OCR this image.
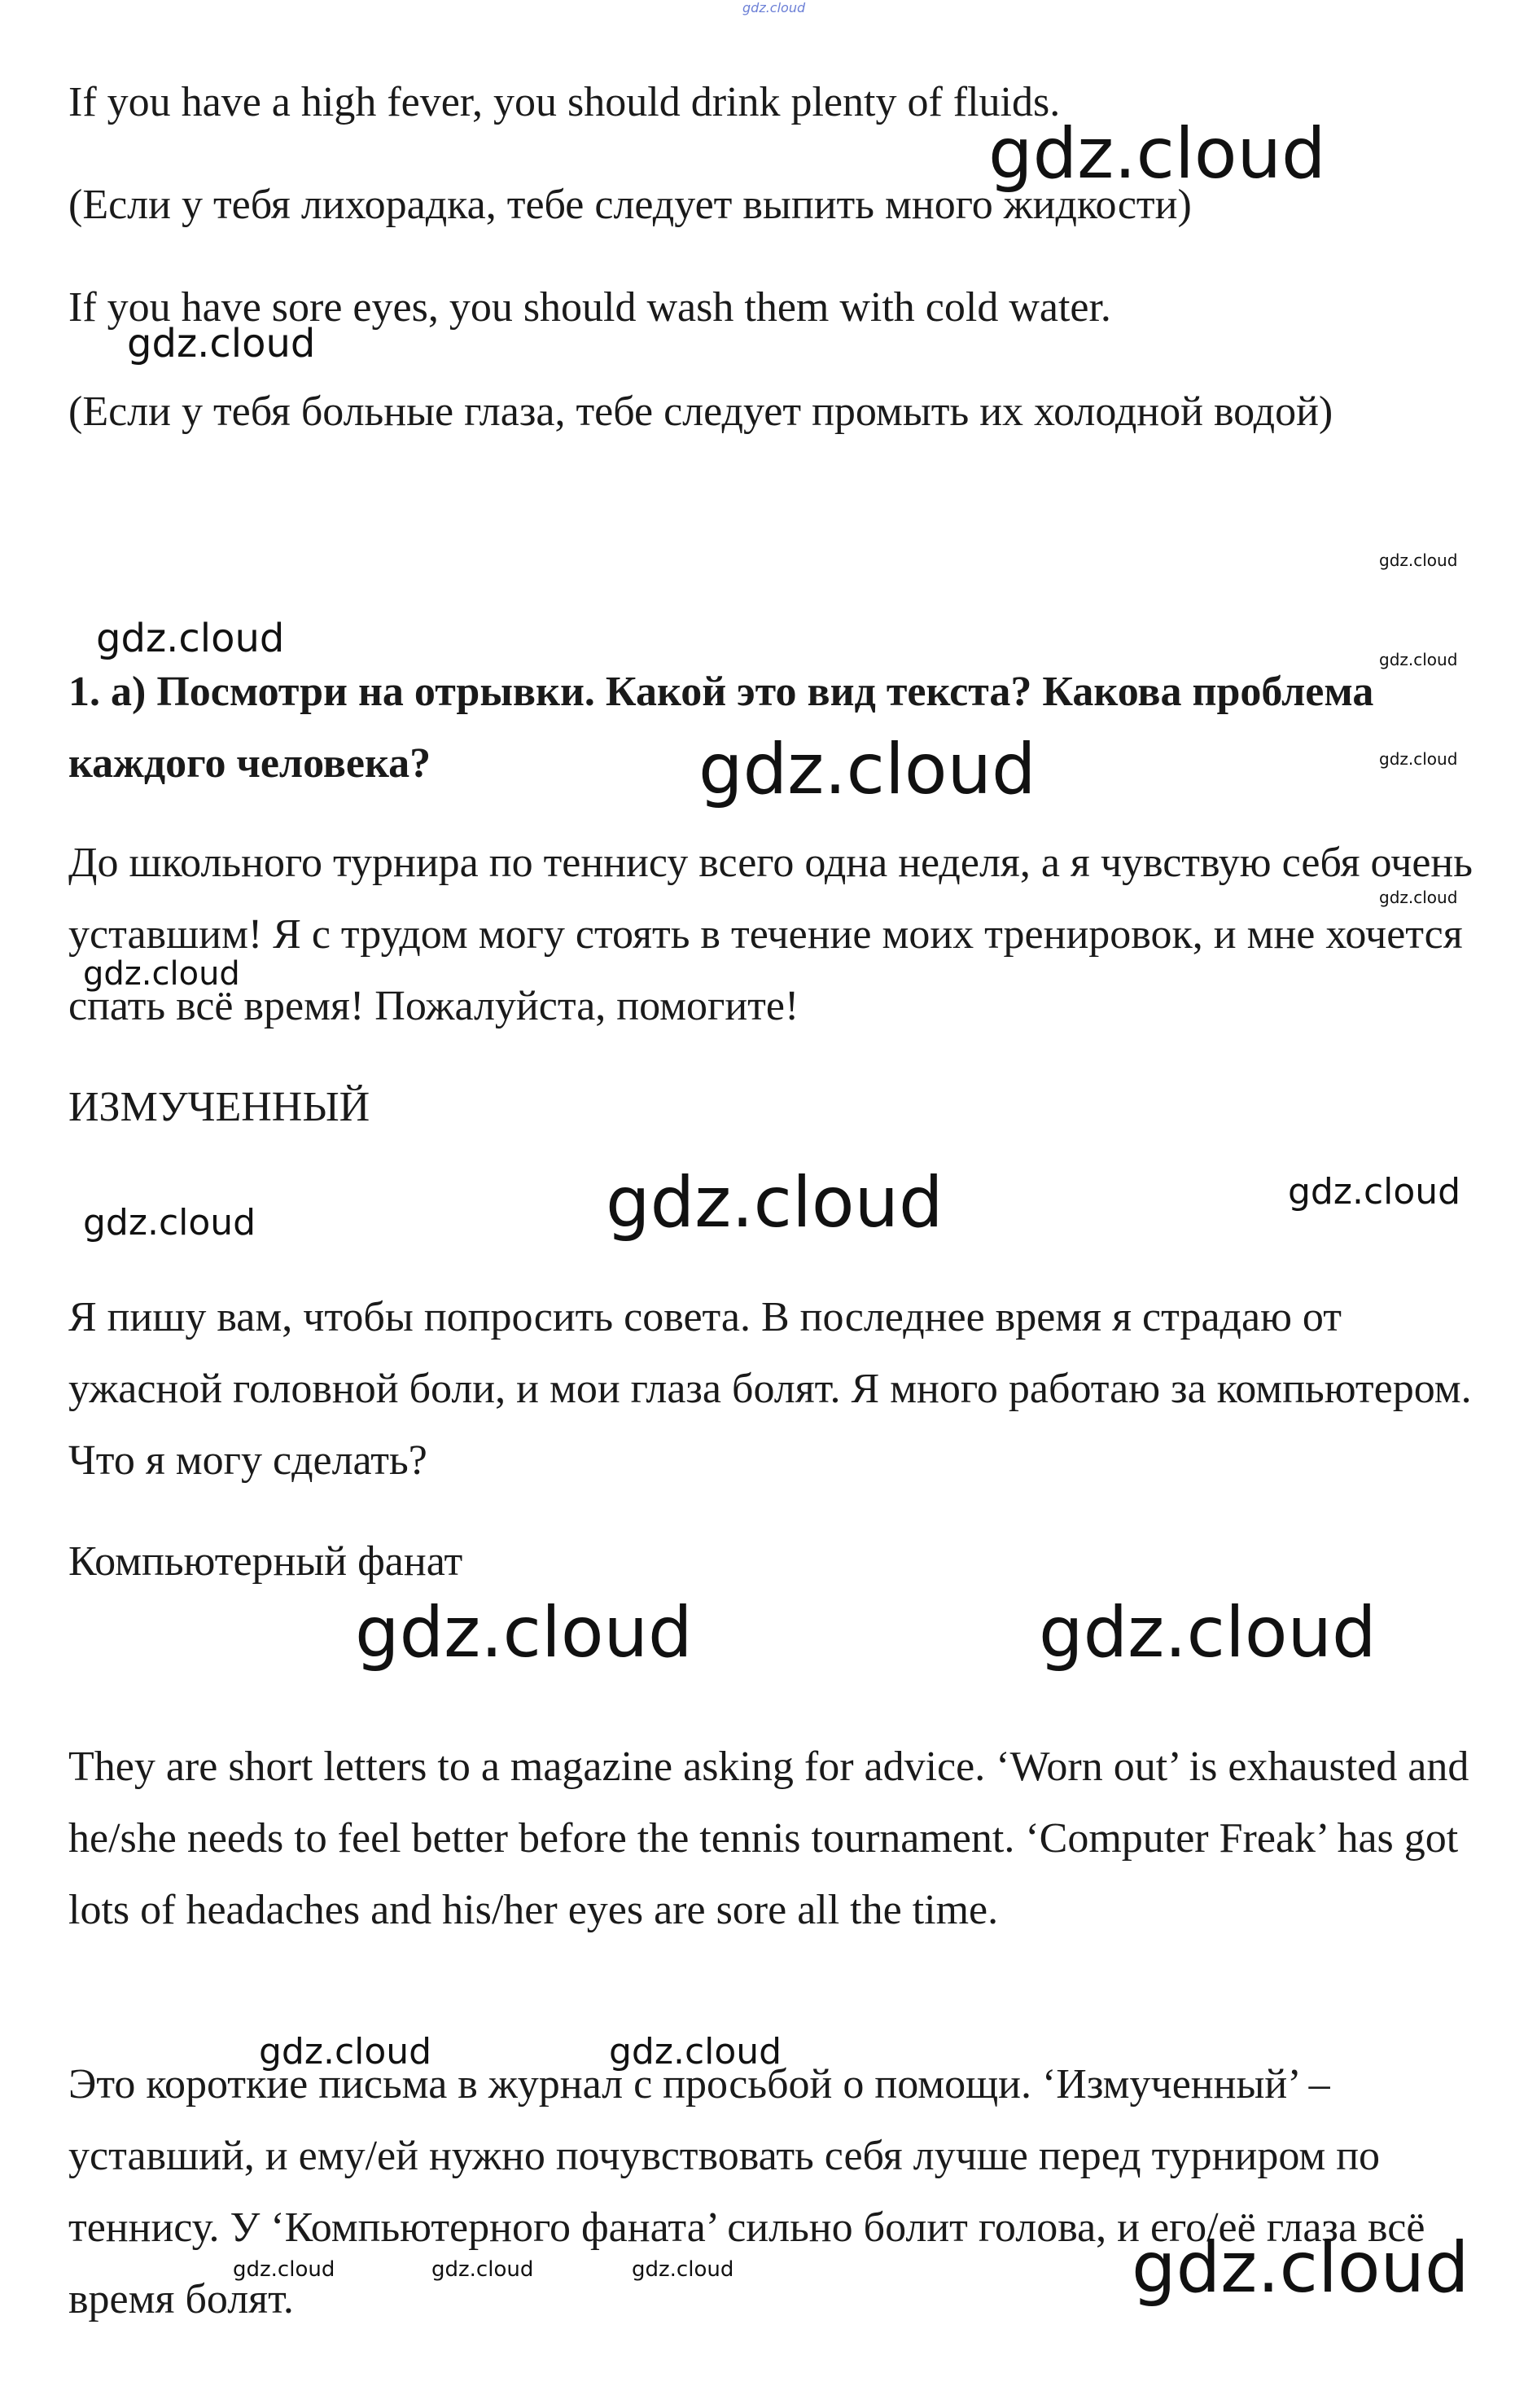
If you have a high fever, you should drink plenty of fluids.

(Если у тебя лихорадка, тебе следует выпить много жидкости)

If you have sore eyes, you should wash them with cold water.

(Если у тебя больные глаза, тебе следует промыть их холодной водой)

1. a) Посмотри на отрывки. Какой это вид текста? Какова проблема каждого человека?

До школьного турнира по теннису всего одна неделя, а я чувствую себя очень уставшим! Я с трудом могу стоять в течение моих тренировок, и мне хочется спать всё время! Пожалуйста, помогите!

ИЗМУЧЕННЫЙ

Я пишу вам, чтобы попросить совета. В последнее время я страдаю от ужасной головной боли, и мои глаза болят. Я много работаю за компьютером. Что я могу сделать?

Компьютерный фанат

They are short letters to a magazine asking for advice. ‘Worn out’ is exhausted and he/she needs to feel better before the tennis tournament. ‘Computer Freak’ has got lots of headaches and his/her eyes are sore all the time.

Это короткие письма в журнал с просьбой о помощи. ‘Измученный’ – уставший, и ему/ей нужно почувствовать себя лучше перед турниром по теннису. У ‘Компьютерного фаната’ сильно болит голова, и его/её глаза всё время болят.

gdz.cloud
gdz.cloud
gdz.cloud
gdz.cloud
gdz.cloud	gdz.cloud
gdz.cloud	gdz.cloud
gdz.cloud
gdz.cloud
gdz.cloud	gdz.cloud
gdz.cloud
gdz.cloud	gdz.cloud
gdz.cloud	gdz.cloud
gdz.cloud	gdz.cloud	gdz.cloud	gdz.cloud
